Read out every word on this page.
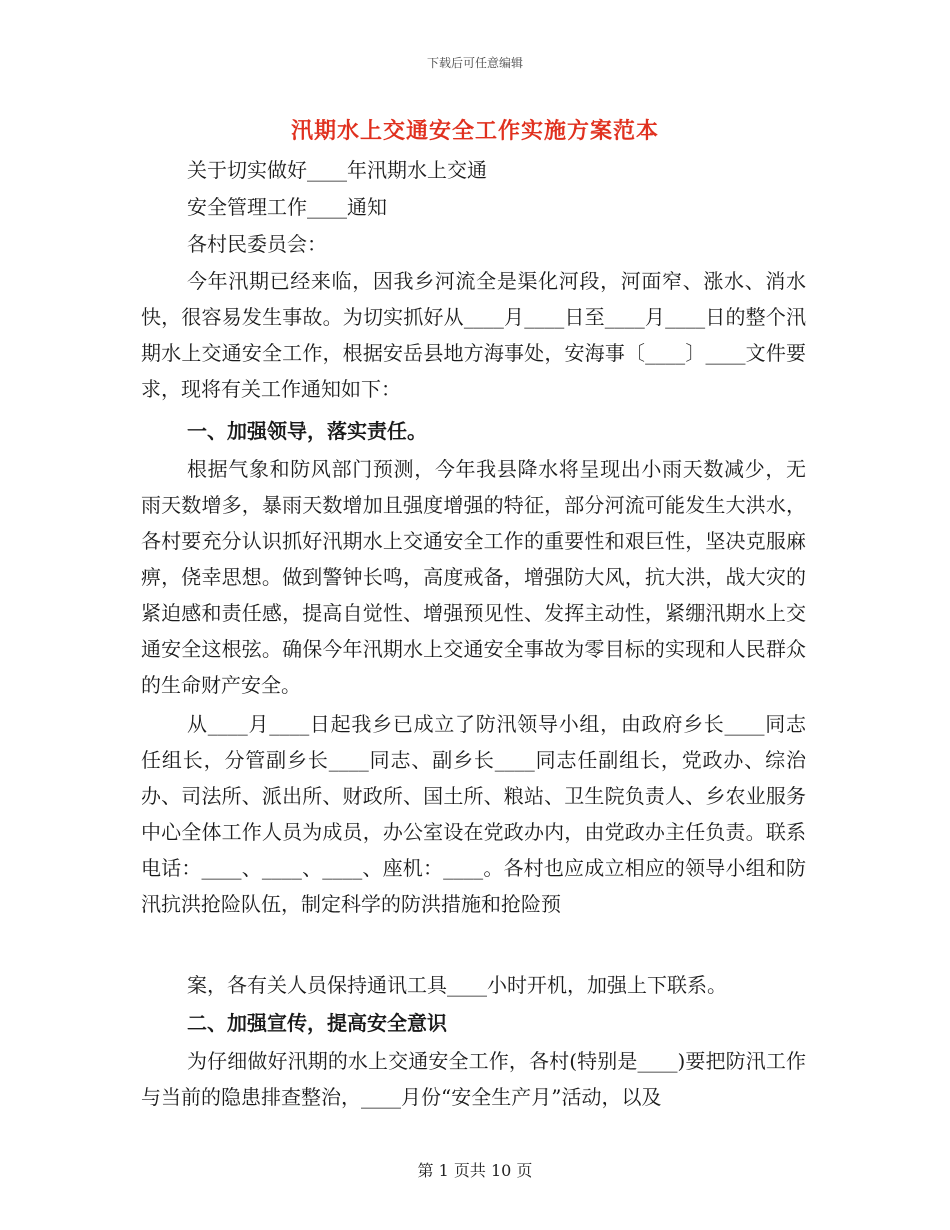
下载后可任意编辑
汛期水上交通安全工作实施方案范本
关于切实做好____年汛期水上交通
安全管理工作____通知
各村民委员会：
今年汛期已经来临，因我乡河流全是渠化河段，河面窄、涨水、消水快，很容易发生事故。为切实抓好从____月____日至____月____日的整个汛期水上交通安全工作，根据安岳县地方海事处，安海事〔____〕____文件要求，现将有关工作通知如下：
一、加强领导，落实责任。
根据气象和防风部门预测，今年我县降水将呈现出小雨天数减少，无雨天数增多，暴雨天数增加且强度增强的特征，部分河流可能发生大洪水，各村要充分认识抓好汛期水上交通安全工作的重要性和艰巨性，坚决克服麻痹，侥幸思想。做到警钟长鸣，高度戒备，增强防大风，抗大洪，战大灾的紧迫感和责任感，提高自觉性、增强预见性、发挥主动性，紧绷汛期水上交通安全这根弦。确保今年汛期水上交通安全事故为零目标的实现和人民群众的生命财产安全。
从____月____日起我乡已成立了防汛领导小组，由政府乡长____同志任组长，分管副乡长____同志、副乡长____同志任副组长，党政办、综治办、司法所、派出所、财政所、国土所、粮站、卫生院负责人、乡农业服务中心全体工作人员为成员，办公室设在党政办内，由党政办主任负责。联系电话：____、____、____、座机：____。各村也应成立相应的领导小组和防汛抗洪抢险队伍，制定科学的防洪措施和抢险预
案，各有关人员保持通讯工具____小时开机，加强上下联系。
二、加强宣传，提高安全意识
为仔细做好汛期的水上交通安全工作，各村(特别是____)要把防汛工作与当前的隐患排查整治，____月份“安全生产月”活动，以及
第 1 页共 10 页
